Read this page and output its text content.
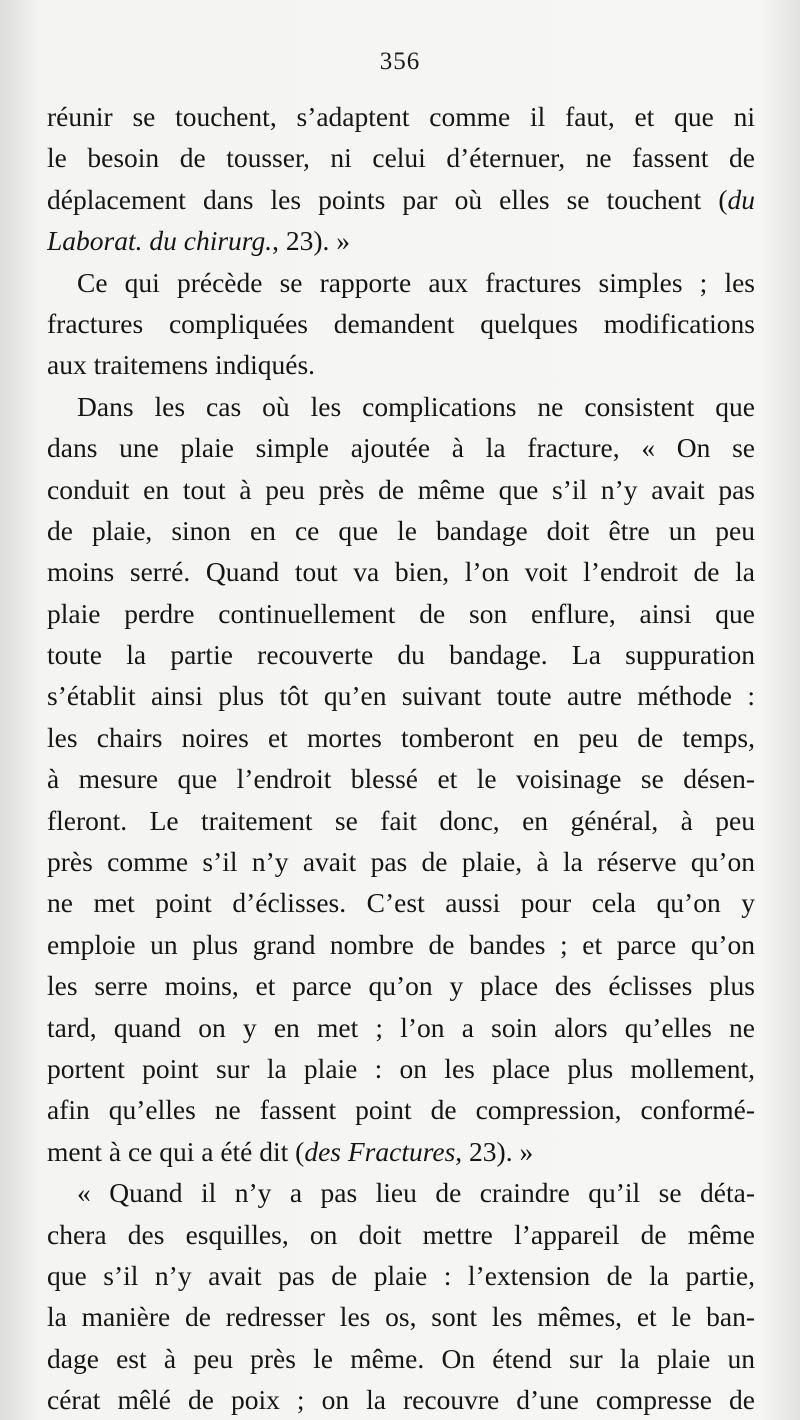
356
réunir se touchent, s’adaptent comme il faut, et que ni
le besoin de tousser, ni celui d’éternuer, ne fassent de
déplacement dans les points par où elles se touchent (du
Laborat. du chirurg., 23). »
Ce qui précède se rapporte aux fractures simples ; les
fractures compliquées demandent quelques modifications
aux traitemens indiqués.
Dans les cas où les complications ne consistent que
dans une plaie simple ajoutée à la fracture, « On se
conduit en tout à peu près de même que s’il n’y avait pas
de plaie, sinon en ce que le bandage doit être un peu
moins serré. Quand tout va bien, l’on voit l’endroit de la
plaie perdre continuellement de son enflure, ainsi que
toute la partie recouverte du bandage. La suppuration
s’établit ainsi plus tôt qu’en suivant toute autre méthode :
les chairs noires et mortes tomberont en peu de temps,
à mesure que l’endroit blessé et le voisinage se désen-
fleront. Le traitement se fait donc, en général, à peu
près comme s’il n’y avait pas de plaie, à la réserve qu’on
ne met point d’éclisses. C’est aussi pour cela qu’on y
emploie un plus grand nombre de bandes ; et parce qu’on
les serre moins, et parce qu’on y place des éclisses plus
tard, quand on y en met ; l’on a soin alors qu’elles ne
portent point sur la plaie : on les place plus mollement,
afin qu’elles ne fassent point de compression, conformé-
ment à ce qui a été dit (des Fractures, 23). »
« Quand il n’y a pas lieu de craindre qu’il se déta-
chera des esquilles, on doit mettre l’appareil de même
que s’il n’y avait pas de plaie : l’extension de la partie,
la manière de redresser les os, sont les mêmes, et le ban-
dage est à peu près le même. On étend sur la plaie un
cérat mêlé de poix ; on la recouvre d’une compresse de
